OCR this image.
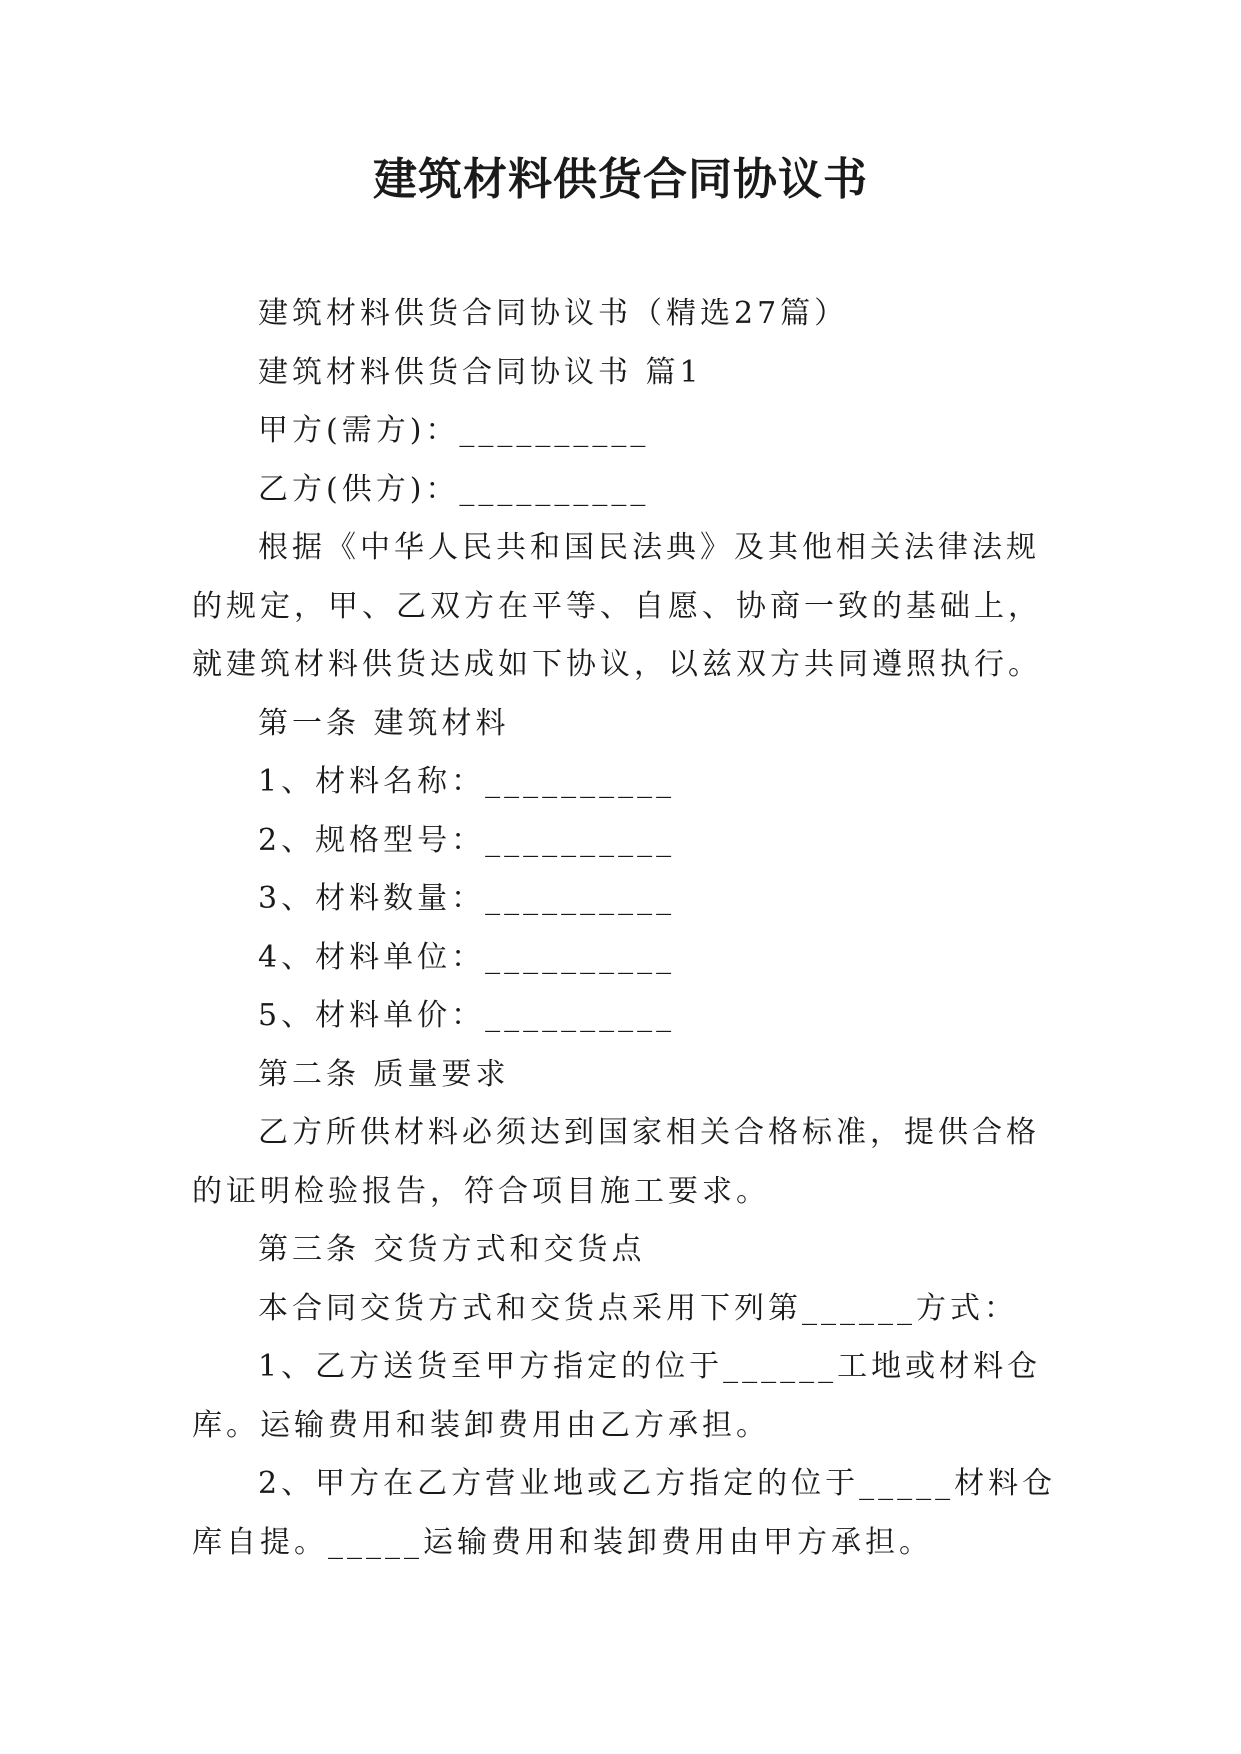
建筑材料供货合同协议书

建筑材料供货合同协议书（精选27篇）

建筑材料供货合同协议书 篇1

甲方(需方)：__________

乙方(供方)：__________

根据《中华人民共和国民法典》及其他相关法律法规的规定，甲、乙双方在平等、自愿、协商一致的基础上，就建筑材料供货达成如下协议，以兹双方共同遵照执行。

第一条 建筑材料

1、材料名称：__________

2、规格型号：__________

3、材料数量：__________

4、材料单位：__________

5、材料单价：__________

第二条 质量要求

乙方所供材料必须达到国家相关合格标准，提供合格的证明检验报告，符合项目施工要求。

第三条 交货方式和交货点

本合同交货方式和交货点采用下列第______方式：

1、乙方送货至甲方指定的位于______工地或材料仓库。运输费用和装卸费用由乙方承担。

2、甲方在乙方营业地或乙方指定的位于_____材料仓库自提。_____运输费用和装卸费用由甲方承担。
